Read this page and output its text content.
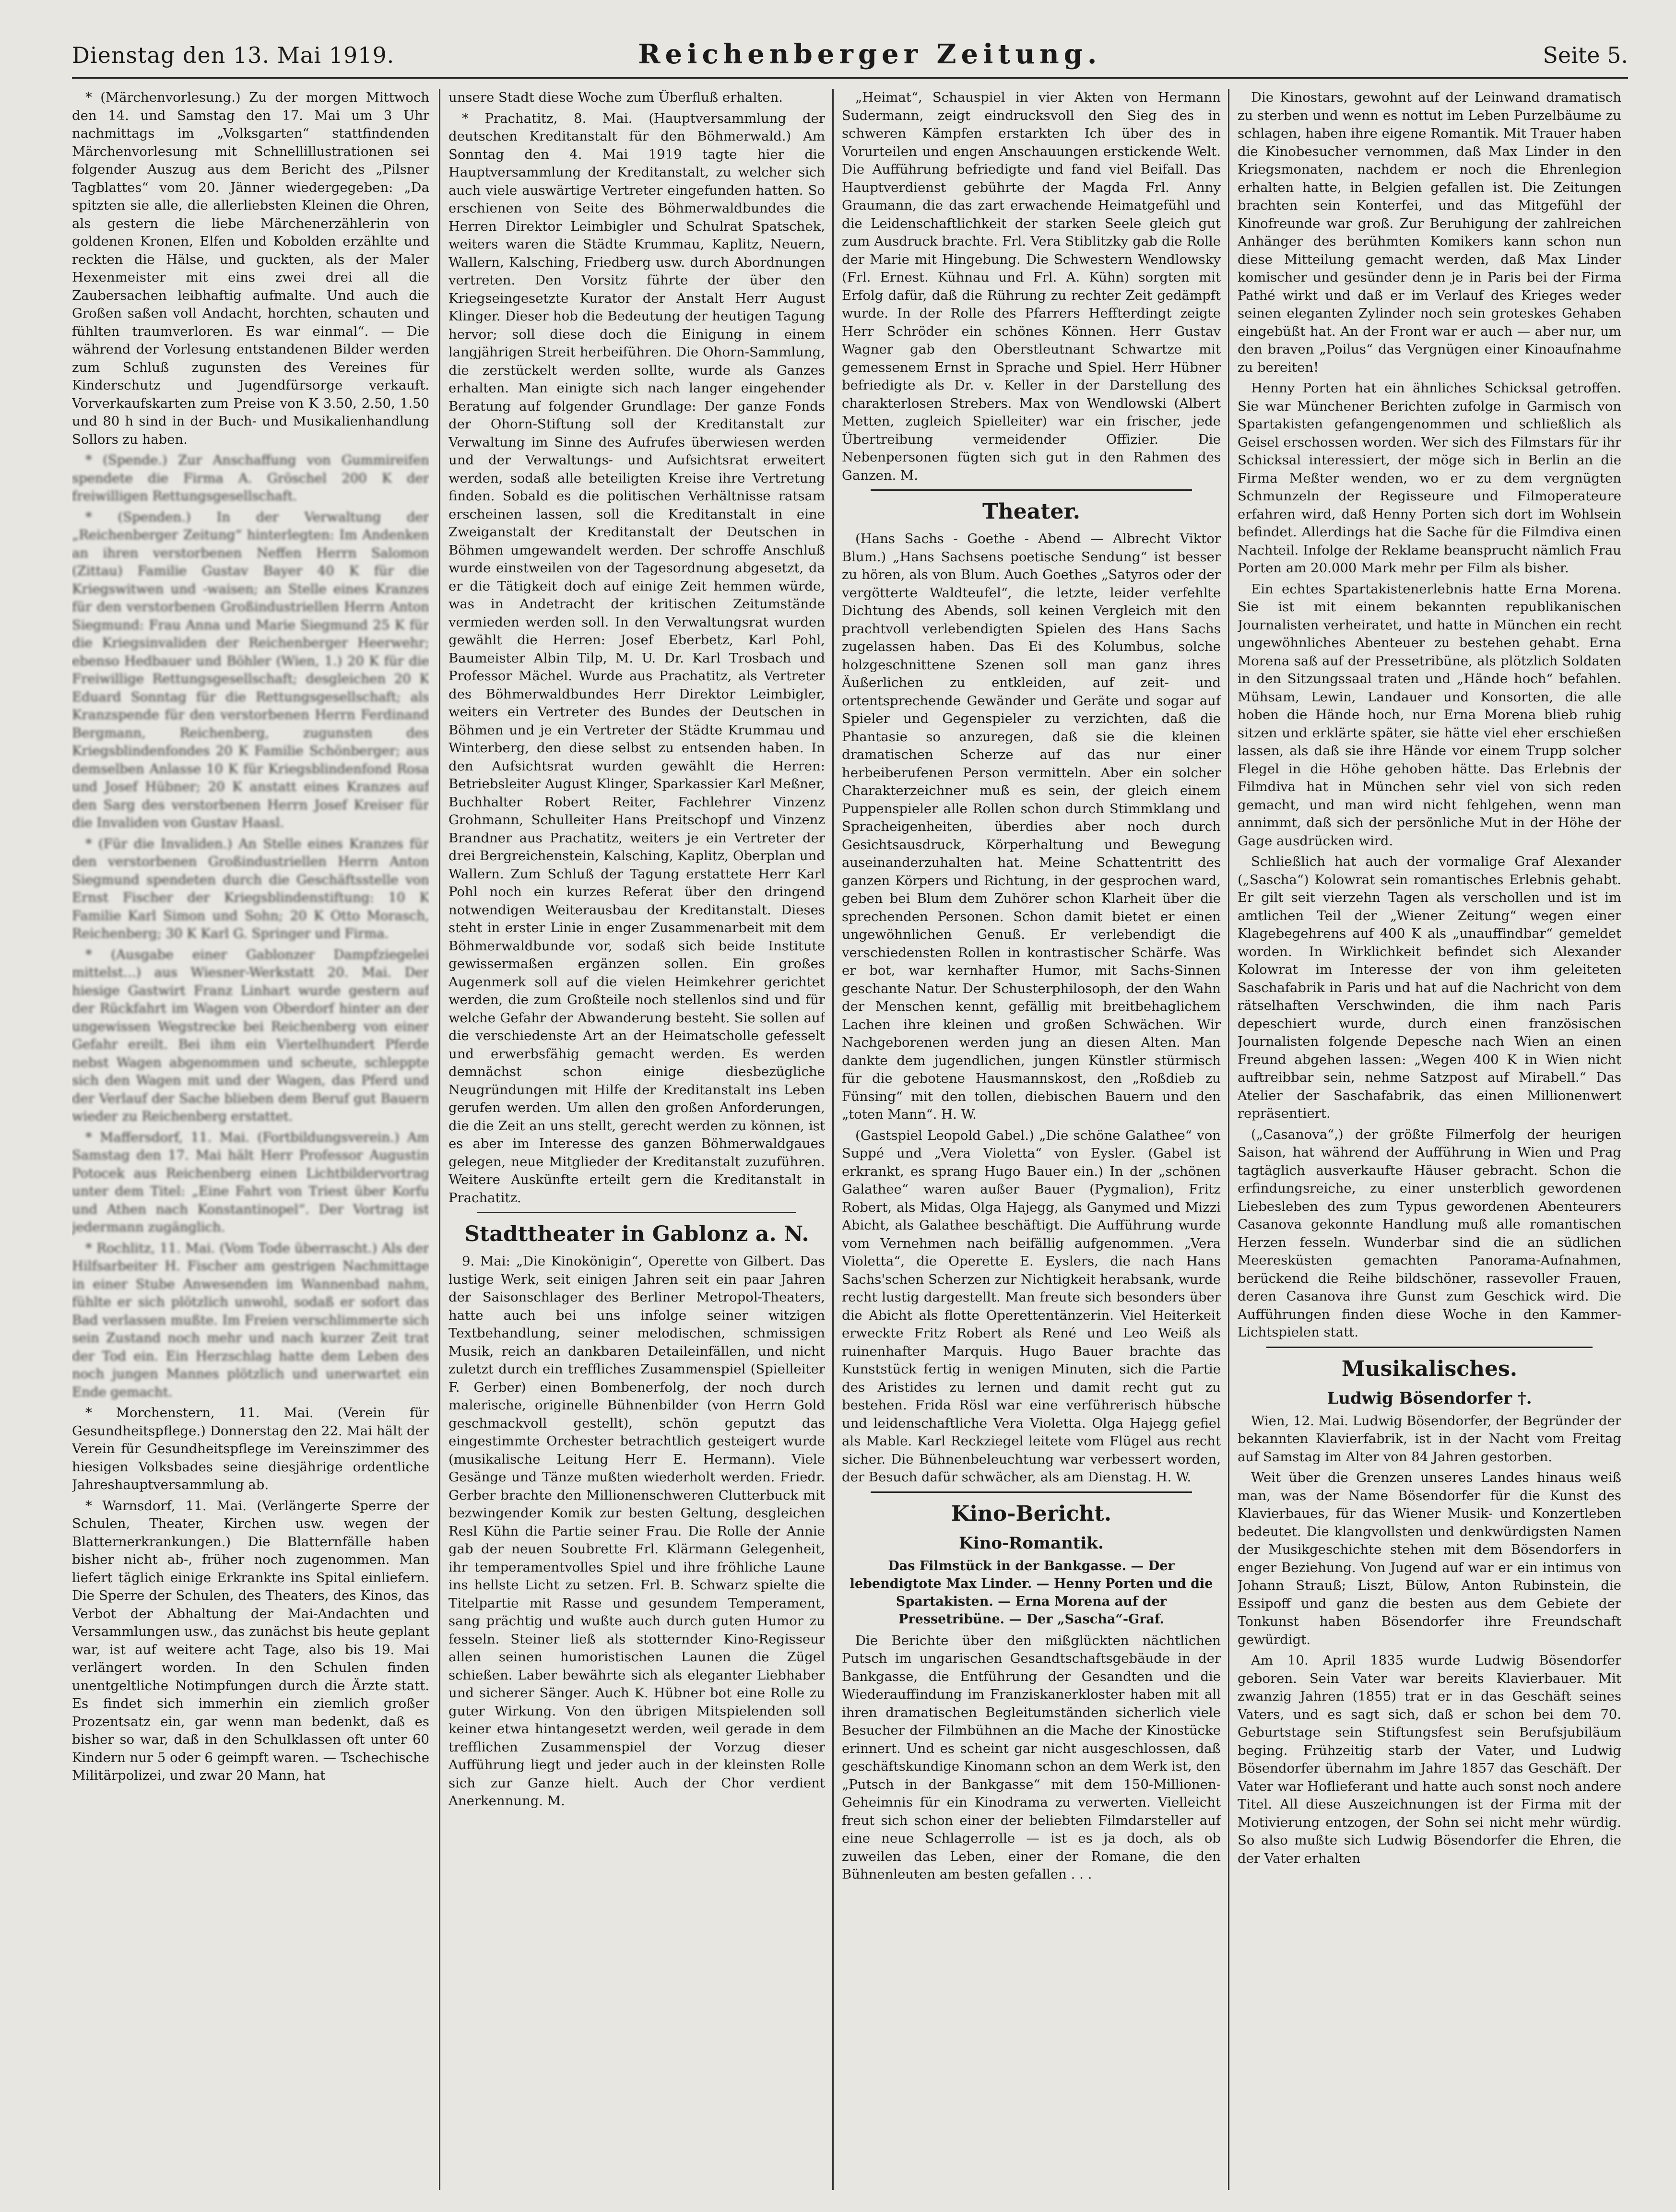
Dienstag den 13. Mai 1919.	Reichenberger Zeitung.	Seite 5.

* (Märchenvorlesung.) Zu der morgen Mittwoch den 14. und Samstag den 17. Mai um 3 Uhr nachmittags im „Volksgarten“ stattfindenden Märchenvorlesung mit Schnellillustrationen sei folgender Auszug aus dem Bericht des „Pilsner Tagblattes“ vom 20. Jänner wiedergegeben: „Da spitzten sie alle, die allerliebsten Kleinen die Ohren, als gestern die liebe Märchenerzählerin von goldenen Kronen, Elfen und Kobolden erzählte und reckten die Hälse, und guckten, als der Maler Hexenmeister mit eins zwei drei all die Zaubersachen leibhaftig aufmalte. Und auch die Großen saßen voll Andacht, horchten, schauten und fühlten traumverloren. Es war einmal“. — Die während der Vorlesung entstandenen Bilder werden zum Schluß zugunsten des Vereines für Kinderschutz und Jugendfürsorge verkauft. Vorverkaufskarten zum Preise von K 3.50, 2.50, 1.50 und 80 h sind in der Buch- und Musikalienhandlung Sollors zu haben.

* (Spende.) Zur Anschaffung von Gummireifen spendete die Firma A. Gröschel 200 K der freiwilligen Rettungsgesellschaft.

* (Spenden.) In der Verwaltung der „Reichenberger Zeitung“ hinterlegten: Im Andenken an ihren verstorbenen Neffen Herrn Salomon (Zittau) Familie Gustav Bayer 40 K für die Kriegswitwen und -waisen; an Stelle eines Kranzes für den verstorbenen Großindustriellen Herrn Anton Siegmund: Frau Anna und Marie Siegmund 25 K für die Kriegsinvaliden der Reichenberger Heerwehr; ebenso Hedbauer und Böhler (Wien, 1.) 20 K für die Freiwillige Rettungsgesellschaft; desgleichen 20 K Eduard Sonntag für die Rettungsgesellschaft; als Kranzspende für den verstorbenen Herrn Ferdinand Bergmann, Reichenberg, zugunsten des Kriegsblindenfondes 20 K Familie Schönberger; aus demselben Anlasse 10 K für Kriegsblindenfond Rosa und Josef Hübner; 20 K anstatt eines Kranzes auf den Sarg des verstorbenen Herrn Josef Kreiser für die Invaliden von Gustav Haasl.

* (Für die Invaliden.) An Stelle eines Kranzes für den verstorbenen Großindustriellen Herrn Anton Siegmund spendeten durch die Geschäftsstelle von Ernst Fischer der Kriegsblindenstiftung: 10 K Familie Karl Simon und Sohn; 20 K Otto Morasch, Reichenberg; 30 K Karl G. Springer und Firma.

* (Ausgabe einer Gablonzer Dampfziegelei mittelst...) aus Wiesner-Werkstatt 20. Mai. Der hiesige Gastwirt Franz Linhart wurde gestern auf der Rückfahrt im Wagen von Oberdorf hinter an der ungewissen Wegstrecke bei Reichenberg von einer Gefahr ereilt. Bei ihm ein Viertelhundert Pferde nebst Wagen abgenommen und scheute, schleppte sich den Wagen mit und der Wagen, das Pferd und der Verlauf der Sache blieben dem Beruf gut Bauern wieder zu Reichenberg erstattet.

* Maffersdorf, 11. Mai. (Fortbildungsverein.) Am Samstag den 17. Mai hält Herr Professor Augustin Potocek aus Reichenberg einen Lichtbildervortrag unter dem Titel: „Eine Fahrt von Triest über Korfu und Athen nach Konstantinopel“. Der Vortrag ist jedermann zugänglich.

* Rochlitz, 11. Mai. (Vom Tode überrascht.) Als der Hilfsarbeiter H. Fischer am gestrigen Nachmittage in einer Stube Anwesenden im Wannenbad nahm, fühlte er sich plötzlich unwohl, sodaß er sofort das Bad verlassen mußte. Im Freien verschlimmerte sich sein Zustand noch mehr und nach kurzer Zeit trat der Tod ein. Ein Herzschlag hatte dem Leben des noch jungen Mannes plötzlich und unerwartet ein Ende gemacht.

* Morchenstern, 11. Mai. (Verein für Gesundheitspflege.) Donnerstag den 22. Mai hält der Verein für Gesundheitspflege im Vereinszimmer des hiesigen Volksbades seine diesjährige ordentliche Jahreshauptversammlung ab.

* Warnsdorf, 11. Mai. (Verlängerte Sperre der Schulen, Theater, Kirchen usw. wegen der Blatternerkrankungen.) Die Blatternfälle haben bisher nicht ab-, früher noch zugenommen. Man liefert täglich einige Erkrankte ins Spital einliefern. Die Sperre der Schulen, des Theaters, des Kinos, das Verbot der Abhaltung der Mai-Andachten und Versammlungen usw., das zunächst bis heute geplant war, ist auf weitere acht Tage, also bis 19. Mai verlängert worden. In den Schulen finden unentgeltliche Notimpfungen durch die Ärzte statt. Es findet sich immerhin ein ziemlich großer Prozentsatz ein, gar wenn man bedenkt, daß es bisher so war, daß in den Schulklassen oft unter 60 Kindern nur 5 oder 6 geimpft waren. — Tschechische Militärpolizei, und zwar 20 Mann, hat

unsere Stadt diese Woche zum Überfluß erhalten.

* Prachatitz, 8. Mai. (Hauptversammlung der deutschen Kreditanstalt für den Böhmerwald.) Am Sonntag den 4. Mai 1919 tagte hier die Hauptversammlung der Kreditanstalt, zu welcher sich auch viele auswärtige Vertreter eingefunden hatten. So erschienen von Seite des Böhmerwaldbundes die Herren Direktor Leimbigler und Schulrat Spatschek, weiters waren die Städte Krummau, Kaplitz, Neuern, Wallern, Kalsching, Friedberg usw. durch Abordnungen vertreten. Den Vorsitz führte der über den Kriegseingesetzte Kurator der Anstalt Herr August Klinger. Dieser hob die Bedeutung der heutigen Tagung hervor; soll diese doch die Einigung in einem langjährigen Streit herbeiführen. Die Ohorn-Sammlung, die zerstückelt werden sollte, wurde als Ganzes erhalten. Man einigte sich nach langer eingehender Beratung auf folgender Grundlage: Der ganze Fonds der Ohorn-Stiftung soll der Kreditanstalt zur Verwaltung im Sinne des Aufrufes überwiesen werden und der Verwaltungs- und Aufsichtsrat erweitert werden, sodaß alle beteiligten Kreise ihre Vertretung finden. Sobald es die politischen Verhältnisse ratsam erscheinen lassen, soll die Kreditanstalt in eine Zweiganstalt der Kreditanstalt der Deutschen in Böhmen umgewandelt werden. Der schroffe Anschluß wurde einstweilen von der Tagesordnung abgesetzt, da er die Tätigkeit doch auf einige Zeit hemmen würde, was in Andetracht der kritischen Zeitumstände vermieden werden soll. In den Verwaltungsrat wurden gewählt die Herren: Josef Eberbetz, Karl Pohl, Baumeister Albin Tilp, M. U. Dr. Karl Trosbach und Professor Mächel. Wurde aus Prachatitz, als Vertreter des Böhmerwaldbundes Herr Direktor Leimbigler, weiters ein Vertreter des Bundes der Deutschen in Böhmen und je ein Vertreter der Städte Krummau und Winterberg, den diese selbst zu entsenden haben. In den Aufsichtsrat wurden gewählt die Herren: Betriebsleiter August Klinger, Sparkassier Karl Meßner, Buchhalter Robert Reiter, Fachlehrer Vinzenz Grohmann, Schulleiter Hans Preitschopf und Vinzenz Brandner aus Prachatitz, weiters je ein Vertreter der drei Bergreichenstein, Kalsching, Kaplitz, Oberplan und Wallern. Zum Schluß der Tagung erstattete Herr Karl Pohl noch ein kurzes Referat über den dringend notwendigen Weiterausbau der Kreditanstalt. Dieses steht in erster Linie in enger Zusammenarbeit mit dem Böhmerwaldbunde vor, sodaß sich beide Institute gewissermaßen ergänzen sollen. Ein großes Augenmerk soll auf die vielen Heimkehrer gerichtet werden, die zum Großteile noch stellenlos sind und für welche Gefahr der Abwanderung besteht. Sie sollen auf die verschiedenste Art an der Heimatscholle gefesselt und erwerbsfähig gemacht werden. Es werden demnächst schon einige diesbezügliche Neugründungen mit Hilfe der Kreditanstalt ins Leben gerufen werden. Um allen den großen Anforderungen, die die Zeit an uns stellt, gerecht werden zu können, ist es aber im Interesse des ganzen Böhmerwaldgaues gelegen, neue Mitglieder der Kreditanstalt zuzuführen. Weitere Auskünfte erteilt gern die Kreditanstalt in Prachatitz.

Stadttheater in Gablonz a. N.

9. Mai: „Die Kinokönigin“, Operette von Gilbert. Das lustige Werk, seit einigen Jahren seit ein paar Jahren der Saisonschlager des Berliner Metropol-Theaters, hatte auch bei uns infolge seiner witzigen Textbehandlung, seiner melodischen, schmissigen Musik, reich an dankbaren Detaileinfällen, und nicht zuletzt durch ein treffliches Zusammenspiel (Spielleiter F. Gerber) einen Bombenerfolg, der noch durch malerische, originelle Bühnenbilder (von Herrn Gold geschmackvoll gestellt), schön geputzt das eingestimmte Orchester betrachtlich gesteigert wurde (musikalische Leitung Herr E. Hermann). Viele Gesänge und Tänze mußten wiederholt werden. Friedr. Gerber brachte den Millionenschweren Clutterbuck mit bezwingender Komik zur besten Geltung, desgleichen Resl Kühn die Partie seiner Frau. Die Rolle der Annie gab der neuen Soubrette Frl. Klärmann Gelegenheit, ihr temperamentvolles Spiel und ihre fröhliche Laune ins hellste Licht zu setzen. Frl. B. Schwarz spielte die Titelpartie mit Rasse und gesundem Temperament, sang prächtig und wußte auch durch guten Humor zu fesseln. Steiner ließ als stotternder Kino-Regisseur allen seinen humoristischen Launen die Zügel schießen. Laber bewährte sich als eleganter Liebhaber und sicherer Sänger. Auch K. Hübner bot eine Rolle zu guter Wirkung. Von den übrigen Mitspielenden soll keiner etwa hintangesetzt werden, weil gerade in dem trefflichen Zusammenspiel der Vorzug dieser Aufführung liegt und jeder auch in der kleinsten Rolle sich zur Ganze hielt. Auch der Chor verdient Anerkennung. M.

„Heimat“, Schauspiel in vier Akten von Hermann Sudermann, zeigt eindrucksvoll den Sieg des in schweren Kämpfen erstarkten Ich über des in Vorurteilen und engen Anschauungen erstickende Welt. Die Aufführung befriedigte und fand viel Beifall. Das Hauptverdienst gebührte der Magda Frl. Anny Graumann, die das zart erwachende Heimatgefühl und die Leidenschaftlichkeit der starken Seele gleich gut zum Ausdruck brachte. Frl. Vera Stiblitzky gab die Rolle der Marie mit Hingebung. Die Schwestern Wendlowsky (Frl. Ernest. Kühnau und Frl. A. Kühn) sorgten mit Erfolg dafür, daß die Rührung zu rechter Zeit gedämpft wurde. In der Rolle des Pfarrers Heffterdingt zeigte Herr Schröder ein schönes Können. Herr Gustav Wagner gab den Oberstleutnant Schwartze mit gemessenem Ernst in Sprache und Spiel. Herr Hübner befriedigte als Dr. v. Keller in der Darstellung des charakterlosen Strebers. Max von Wendlowski (Albert Metten, zugleich Spielleiter) war ein frischer, jede Übertreibung vermeidender Offizier. Die Nebenpersonen fügten sich gut in den Rahmen des Ganzen. M.

Theater.

(Hans Sachs - Goethe - Abend — Albrecht Viktor Blum.) „Hans Sachsens poetische Sendung“ ist besser zu hören, als von Blum. Auch Goethes „Satyros oder der vergötterte Waldteufel“, die letzte, leider verfehlte Dichtung des Abends, soll keinen Vergleich mit den prachtvoll verlebendigten Spielen des Hans Sachs zugelassen haben. Das Ei des Kolumbus, solche holzgeschnittene Szenen soll man ganz ihres Äußerlichen zu entkleiden, auf zeit- und ortentsprechende Gewänder und Geräte und sogar auf Spieler und Gegenspieler zu verzichten, daß die Phantasie so anzuregen, daß sie die kleinen dramatischen Scherze auf das nur einer herbeiberufenen Person vermitteln. Aber ein solcher Charakterzeichner muß es sein, der gleich einem Puppenspieler alle Rollen schon durch Stimmklang und Spracheigenheiten, überdies aber noch durch Gesichtsausdruck, Körperhaltung und Bewegung auseinanderzuhalten hat. Meine Schattentritt des ganzen Körpers und Richtung, in der gesprochen ward, geben bei Blum dem Zuhörer schon Klarheit über die sprechenden Personen. Schon damit bietet er einen ungewöhnlichen Genuß. Er verlebendigt die verschiedensten Rollen in kontrastischer Schärfe. Was er bot, war kernhafter Humor, mit Sachs-Sinnen geschante Natur. Der Schusterphilosoph, der den Wahn der Menschen kennt, gefällig mit breitbehaglichem Lachen ihre kleinen und großen Schwächen. Wir Nachgeborenen werden jung an diesen Alten. Man dankte dem jugendlichen, jungen Künstler stürmisch für die gebotene Hausmannskost, den „Roßdieb zu Fünsing“ mit den tollen, diebischen Bauern und den „toten Mann“. H. W.

(Gastspiel Leopold Gabel.) „Die schöne Galathee“ von Suppé und „Vera Violetta“ von Eysler. (Gabel ist erkrankt, es sprang Hugo Bauer ein.) In der „schönen Galathee“ waren außer Bauer (Pygmalion), Fritz Robert, als Midas, Olga Hajegg, als Ganymed und Mizzi Abicht, als Galathee beschäftigt. Die Aufführung wurde vom Vernehmen nach beifällig aufgenommen. „Vera Violetta“, die Operette E. Eyslers, die nach Hans Sachs'schen Scherzen zur Nichtigkeit herabsank, wurde recht lustig dargestellt. Man freute sich besonders über die Abicht als flotte Operettentänzerin. Viel Heiterkeit erweckte Fritz Robert als René und Leo Weiß als ruinenhafter Marquis. Hugo Bauer brachte das Kunststück fertig in wenigen Minuten, sich die Partie des Aristides zu lernen und damit recht gut zu bestehen. Frida Rösl war eine verführerisch hübsche und leidenschaftliche Vera Violetta. Olga Hajegg gefiel als Mable. Karl Reckziegel leitete vom Flügel aus recht sicher. Die Bühnenbeleuchtung war verbessert worden, der Besuch dafür schwächer, als am Dienstag. H. W.

Kino-Bericht.
Kino-Romantik.
Das Filmstück in der Bankgasse. — Der lebendigtote Max Linder. — Henny Porten und die Spartakisten. — Erna Morena auf der Pressetribüne. — Der „Sascha“-Graf.

Die Berichte über den mißglückten nächtlichen Putsch im ungarischen Gesandtschaftsgebäude in der Bankgasse, die Entführung der Gesandten und die Wiederauffindung im Franziskanerkloster haben mit all ihren dramatischen Begleitumständen sicherlich viele Besucher der Filmbühnen an die Mache der Kinostücke erinnert. Und es scheint gar nicht ausgeschlossen, daß geschäftskundige Kinomann schon an dem Werk ist, den „Putsch in der Bankgasse“ mit dem 150-Millionen-Geheimnis für ein Kinodrama zu verwerten. Vielleicht freut sich schon einer der beliebten Filmdarsteller auf eine neue Schlagerrolle — ist es ja doch, als ob zuweilen das Leben, einer der Romane, die den Bühnenleuten am besten gefallen . . .

Die Kinostars, gewohnt auf der Leinwand dramatisch zu sterben und wenn es nottut im Leben Purzelbäume zu schlagen, haben ihre eigene Romantik. Mit Trauer haben die Kinobesucher vernommen, daß Max Linder in den Kriegsmonaten, nachdem er noch die Ehrenlegion erhalten hatte, in Belgien gefallen ist. Die Zeitungen brachten sein Konterfei, und das Mitgefühl der Kinofreunde war groß. Zur Beruhigung der zahlreichen Anhänger des berühmten Komikers kann schon nun diese Mitteilung gemacht werden, daß Max Linder komischer und gesünder denn je in Paris bei der Firma Pathé wirkt und daß er im Verlauf des Krieges weder seinen eleganten Zylinder noch sein groteskes Gehaben eingebüßt hat. An der Front war er auch — aber nur, um den braven „Poilus“ das Vergnügen einer Kinoaufnahme zu bereiten!

Henny Porten hat ein ähnliches Schicksal getroffen. Sie war Münchener Berichten zufolge in Garmisch von Spartakisten gefangengenommen und schließlich als Geisel erschossen worden. Wer sich des Filmstars für ihr Schicksal interessiert, der möge sich in Berlin an die Firma Meßter wenden, wo er zu dem vergnügten Schmunzeln der Regisseure und Filmoperateure erfahren wird, daß Henny Porten sich dort im Wohlsein befindet. Allerdings hat die Sache für die Filmdiva einen Nachteil. Infolge der Reklame beansprucht nämlich Frau Porten am 20.000 Mark mehr per Film als bisher.

Ein echtes Spartakistenerlebnis hatte Erna Morena. Sie ist mit einem bekannten republikanischen Journalisten verheiratet, und hatte in München ein recht ungewöhnliches Abenteuer zu bestehen gehabt. Erna Morena saß auf der Pressetribüne, als plötzlich Soldaten in den Sitzungssaal traten und „Hände hoch“ befahlen. Mühsam, Lewin, Landauer und Konsorten, die alle hoben die Hände hoch, nur Erna Morena blieb ruhig sitzen und erklärte später, sie hätte viel eher erschießen lassen, als daß sie ihre Hände vor einem Trupp solcher Flegel in die Höhe gehoben hätte. Das Erlebnis der Filmdiva hat in München sehr viel von sich reden gemacht, und man wird nicht fehlgehen, wenn man annimmt, daß sich der persönliche Mut in der Höhe der Gage ausdrücken wird.

Schließlich hat auch der vormalige Graf Alexander („Sascha“) Kolowrat sein romantisches Erlebnis gehabt. Er gilt seit vierzehn Tagen als verschollen und ist im amtlichen Teil der „Wiener Zeitung“ wegen einer Klagebegehrens auf 400 K als „unauffindbar“ gemeldet worden. In Wirklichkeit befindet sich Alexander Kolowrat im Interesse der von ihm geleiteten Saschafabrik in Paris und hat auf die Nachricht von dem rätselhaften Verschwinden, die ihm nach Paris depeschiert wurde, durch einen französischen Journalisten folgende Depesche nach Wien an einen Freund abgehen lassen: „Wegen 400 K in Wien nicht auftreibbar sein, nehme Satzpost auf Mirabell.“ Das Atelier der Saschafabrik, das einen Millionenwert repräsentiert.

(„Casanova“,) der größte Filmerfolg der heurigen Saison, hat während der Aufführung in Wien und Prag tagtäglich ausverkaufte Häuser gebracht. Schon die erfindungsreiche, zu einer unsterblich gewordenen Liebesleben des zum Typus gewordenen Abenteurers Casanova gekonnte Handlung muß alle romantischen Herzen fesseln. Wunderbar sind die an südlichen Meeresküsten gemachten Panorama-Aufnahmen, berückend die Reihe bildschöner, rassevoller Frauen, deren Casanova ihre Gunst zum Geschick wird. Die Aufführungen finden diese Woche in den Kammer-Lichtspielen statt.

Musikalisches.
Ludwig Bösendorfer †.

Wien, 12. Mai. Ludwig Bösendorfer, der Begründer der bekannten Klavierfabrik, ist in der Nacht vom Freitag auf Samstag im Alter von 84 Jahren gestorben.

Weit über die Grenzen unseres Landes hinaus weiß man, was der Name Bösendorfer für die Kunst des Klavierbaues, für das Wiener Musik- und Konzertleben bedeutet. Die klangvollsten und denkwürdigsten Namen der Musikgeschichte stehen mit dem Bösendorfers in enger Beziehung. Von Jugend auf war er ein intimus von Johann Strauß; Liszt, Bülow, Anton Rubinstein, die Essipoff und ganz die besten aus dem Gebiete der Tonkunst haben Bösendorfer ihre Freundschaft gewürdigt.

Am 10. April 1835 wurde Ludwig Bösendorfer geboren. Sein Vater war bereits Klavierbauer. Mit zwanzig Jahren (1855) trat er in das Geschäft seines Vaters, und es sagt sich, daß er schon bei dem 70. Geburtstage sein Stiftungsfest sein Berufsjubiläum beging. Frühzeitig starb der Vater, und Ludwig Bösendorfer übernahm im Jahre 1857 das Geschäft. Der Vater war Hoflieferant und hatte auch sonst noch andere Titel. All diese Auszeichnungen ist der Firma mit der Motivierung entzogen, der Sohn sei nicht mehr würdig. So also mußte sich Ludwig Bösendorfer die Ehren, die der Vater erhalten
